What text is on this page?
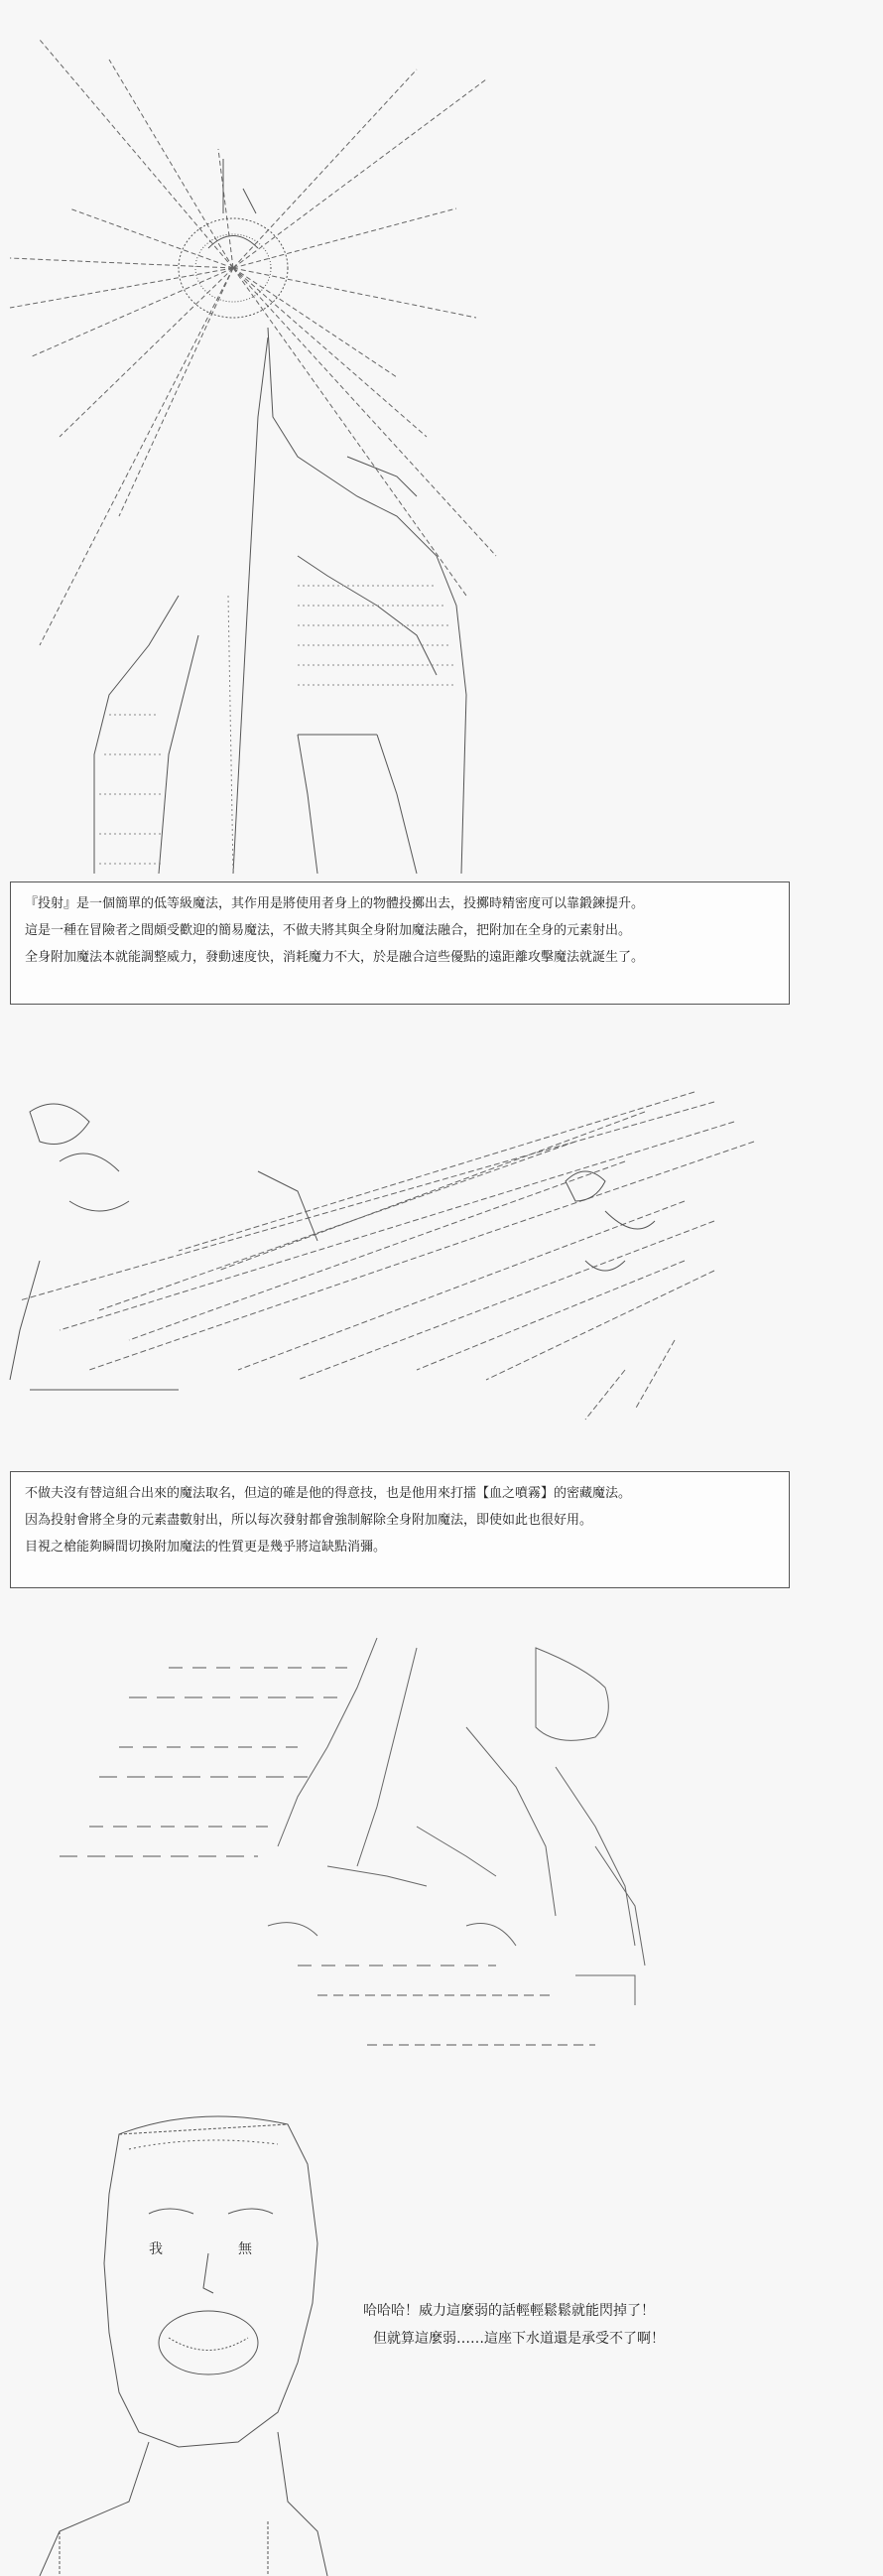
『投射』是一個簡單的低等級魔法，其作用是將使用者身上的物體投擲出去，投擲時精密度可以靠鍛鍊提升。
這是一種在冒險者之間頗受歡迎的簡易魔法，不做夫將其與全身附加魔法融合，把附加在全身的元素射出。
全身附加魔法本就能調整威力，發動速度快，消耗魔力不大，於是融合這些優點的遠距離攻擊魔法就誕生了。
不做夫沒有替這組合出來的魔法取名，但這的確是他的得意技，也是他用來打擂【血之噴霧】的密藏魔法。
因為投射會將全身的元素盡數射出，所以每次發射都會強制解除全身附加魔法，即使如此也很好用。
目視之槍能夠瞬間切換附加魔法的性質更是幾乎將這缺點消彌。
我	無
哈哈哈！威力這麼弱的話輕輕鬆鬆就能閃掉了！
但就算這麼弱……這座下水道還是承受不了啊！
